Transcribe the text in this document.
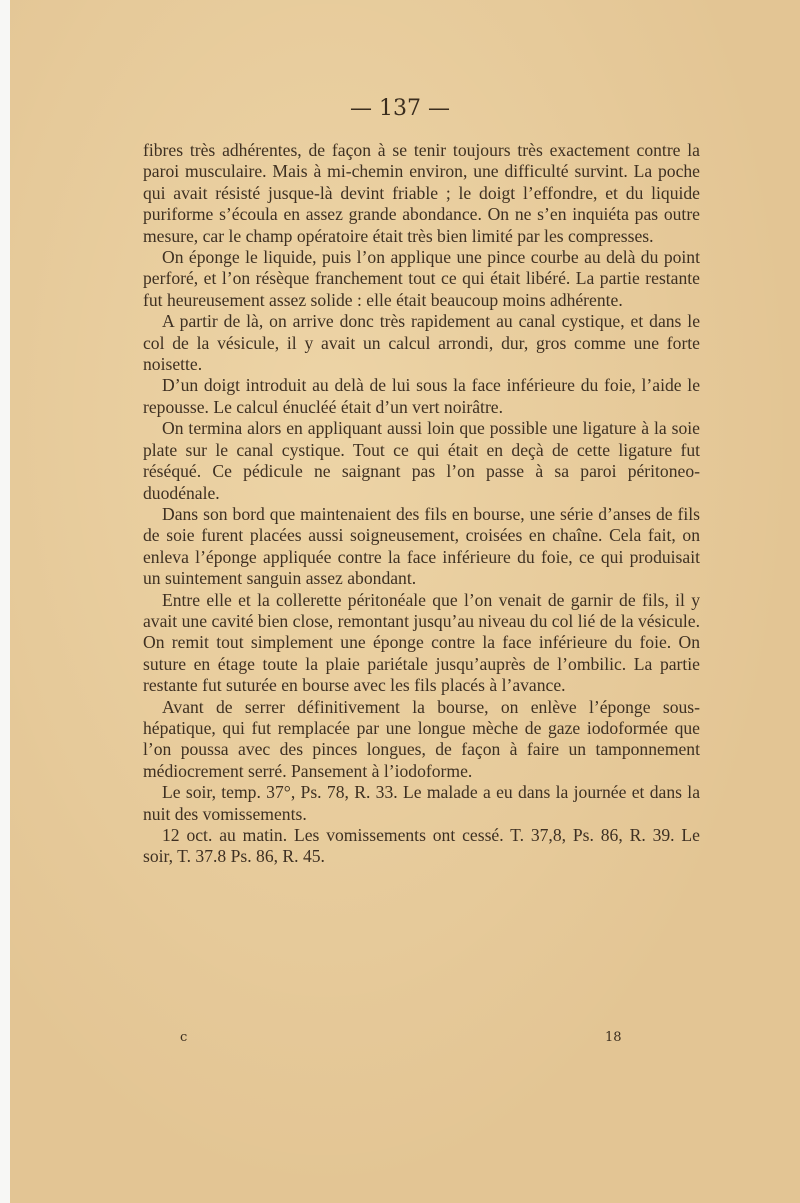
— 137 —

fibres très adhérentes, de façon à se tenir toujours très exactement contre la paroi musculaire. Mais à mi-chemin environ, une difficulté survint. La poche qui avait résisté jusque-là devint friable ; le doigt l’effondre, et du liquide puriforme s’écoula en assez grande abondance. On ne s’en inquiéta pas outre mesure, car le champ opératoire était très bien limité par les compresses.

On éponge le liquide, puis l’on applique une pince courbe au delà du point perforé, et l’on résèque franchement tout ce qui était libéré. La partie restante fut heureusement assez solide : elle était beaucoup moins adhérente.

A partir de là, on arrive donc très rapidement au canal cystique, et dans le col de la vésicule, il y avait un calcul arrondi, dur, gros comme une forte noisette.

D’un doigt introduit au delà de lui sous la face inférieure du foie, l’aide le repousse. Le calcul énucléé était d’un vert noirâtre.

On termina alors en appliquant aussi loin que possible une ligature à la soie plate sur le canal cystique. Tout ce qui était en deçà de cette ligature fut réséqué. Ce pédicule ne saignant pas l’on passe à sa paroi péritoneo-duodénale.

Dans son bord que maintenaient des fils en bourse, une série d’anses de fils de soie furent placées aussi soigneusement, croisées en chaîne. Cela fait, on enleva l’éponge appliquée contre la face inférieure du foie, ce qui produisait un suintement sanguin assez abondant.

Entre elle et la collerette péritonéale que l’on venait de garnir de fils, il y avait une cavité bien close, remontant jusqu’au niveau du col lié de la vésicule. On remit tout simplement une éponge contre la face inférieure du foie. On suture en étage toute la plaie pariétale jusqu’auprès de l’ombilic. La partie restante fut suturée en bourse avec les fils placés à l’avance.

Avant de serrer définitivement la bourse, on enlève l’éponge sous-hépatique, qui fut remplacée par une longue mèche de gaze iodoformée que l’on poussa avec des pinces longues, de façon à faire un tamponnement médiocrement serré. Pansement à l’iodoforme.

Le soir, temp. 37°, Ps. 78, R. 33. Le malade a eu dans la journée et dans la nuit des vomissements.

12 oct. au matin. Les vomissements ont cessé. T. 37,8, Ps. 86, R. 39. Le soir, T. 37.8 Ps. 86, R. 45.

c	18
